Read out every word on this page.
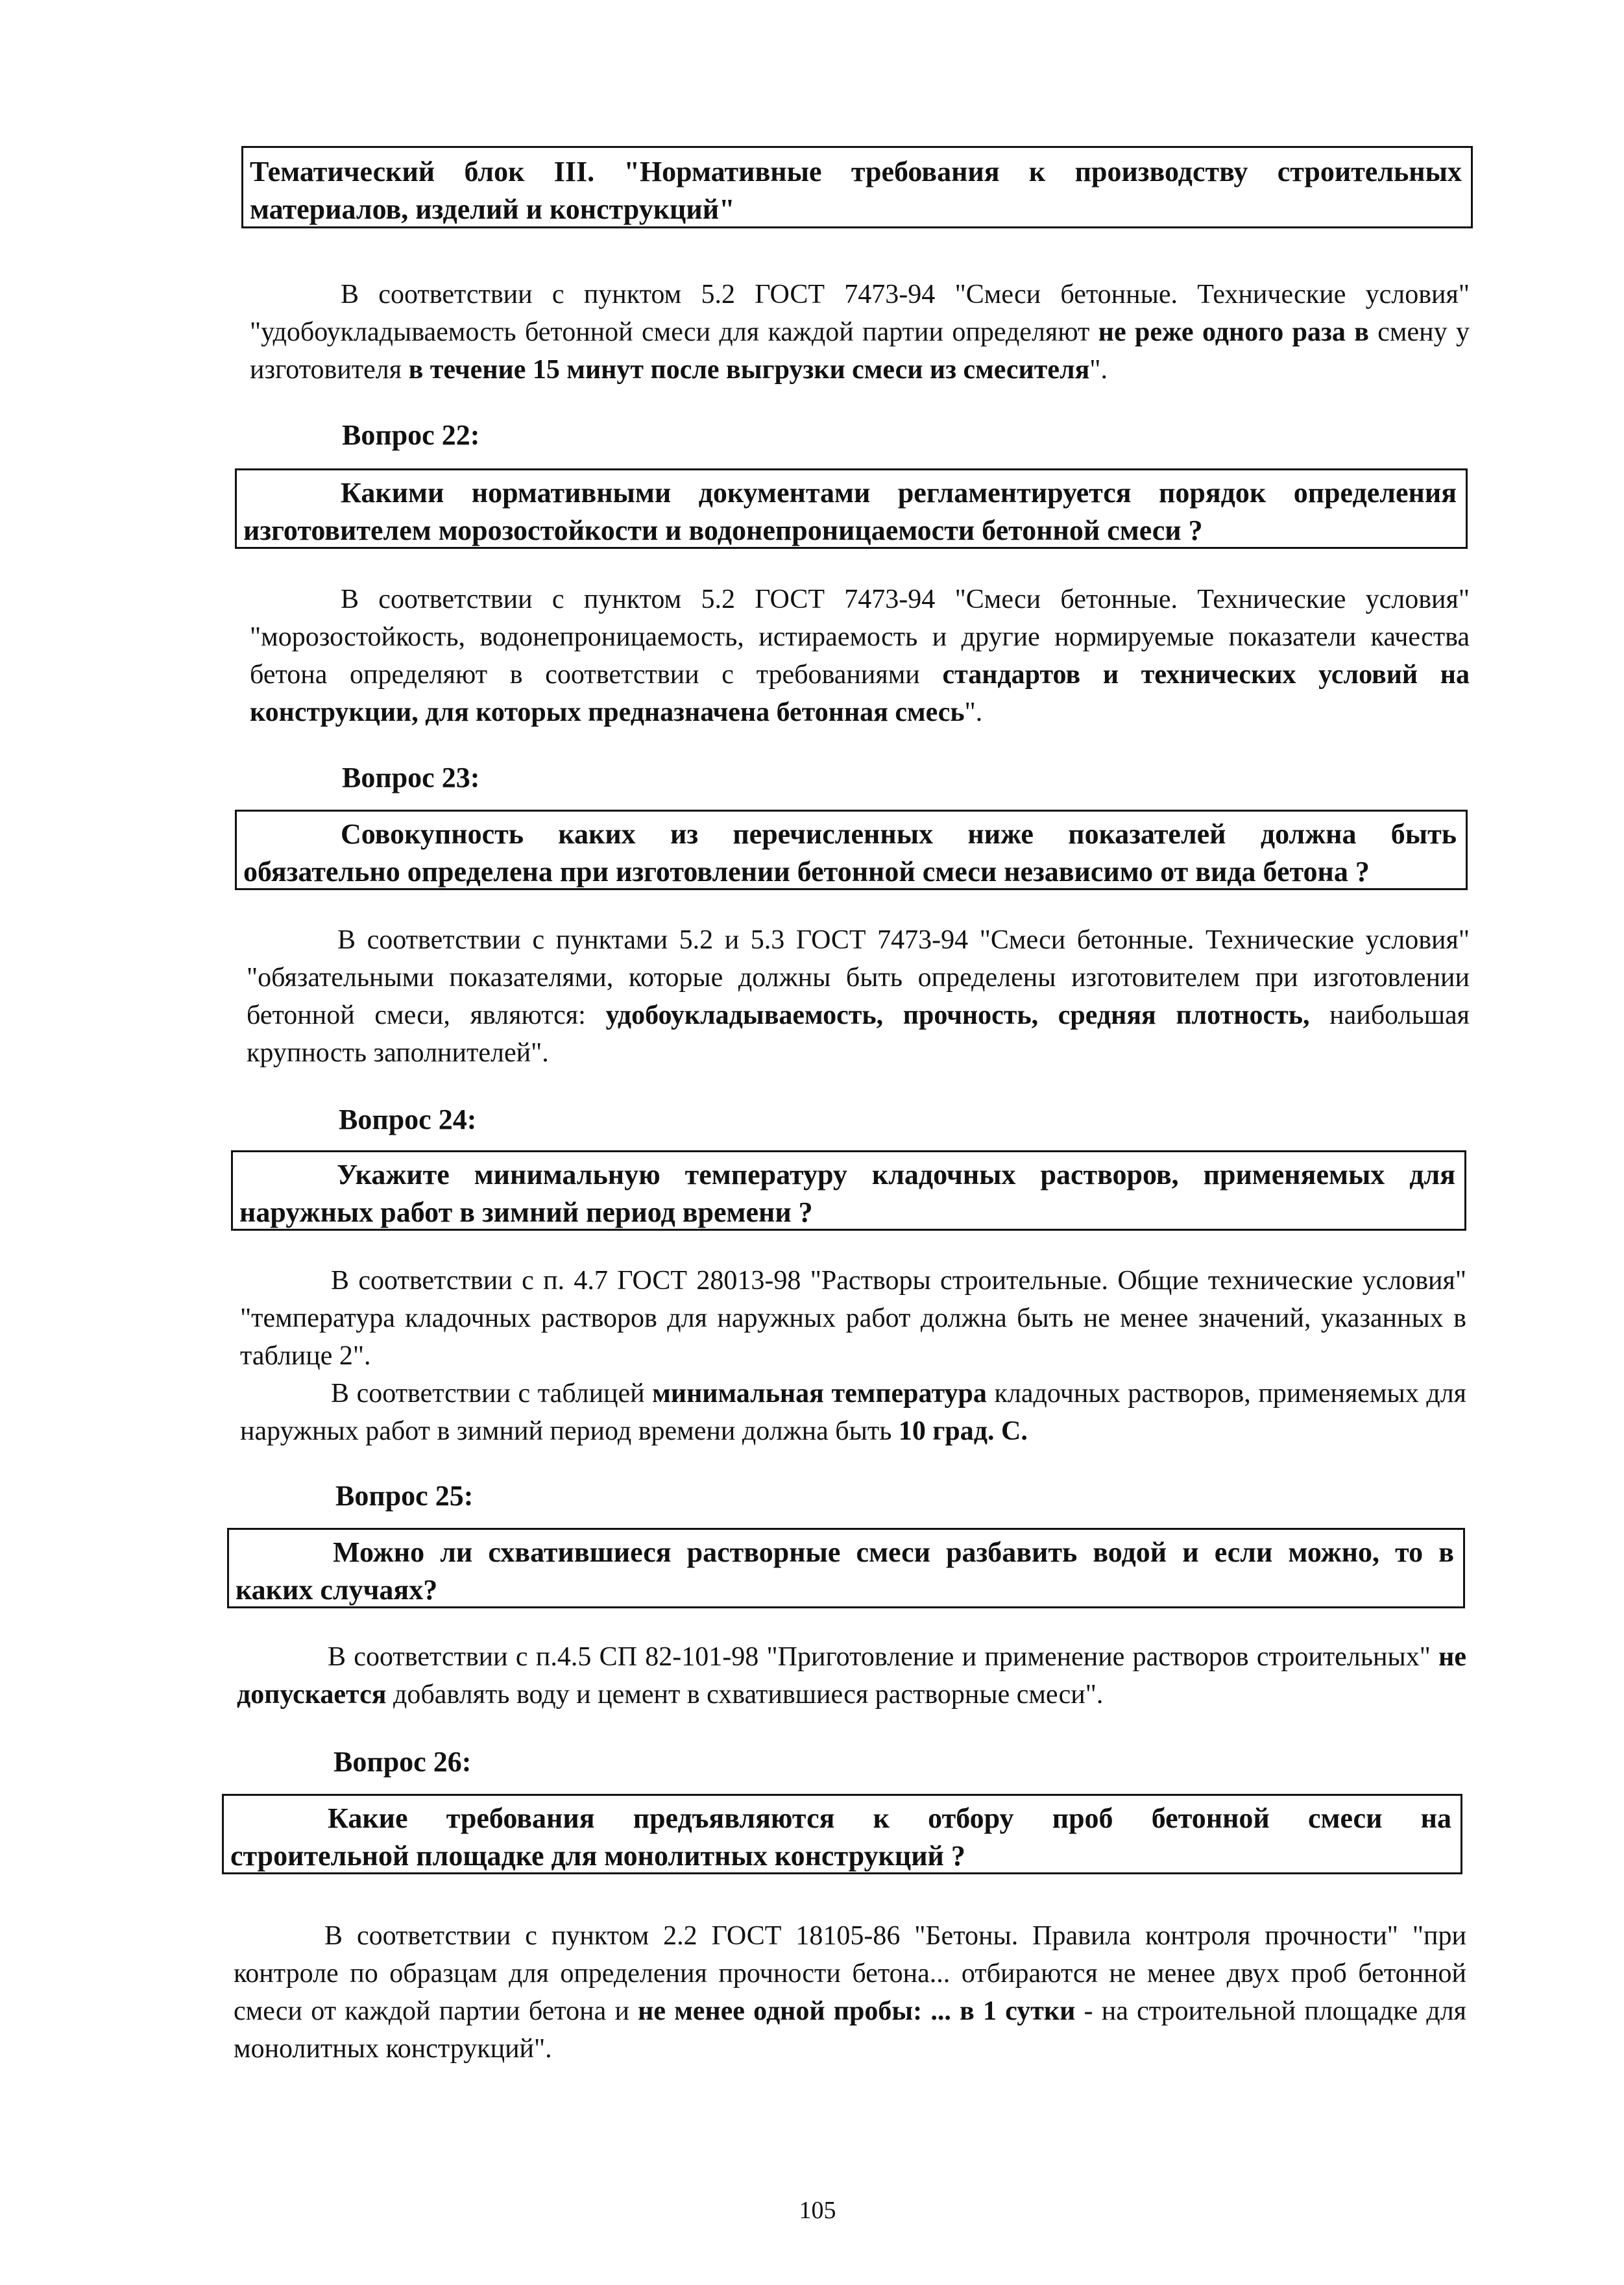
Тематический блок III. "Нормативные требования к производству строительных
материалов, изделий и конструкций"

В соответствии с пунктом 5.2 ГОСТ 7473-94 "Смеси бетонные. Технические условия" "удобоукладываемость бетонной смеси для каждой партии определяют не реже одного раза в смену у изготовителя в течение 15 минут после выгрузки смеси из смесителя".

Вопрос 22:
Какими нормативными документами регламентируется порядок определения
изготовителем морозостойкости и водонепроницаемости бетонной смеси ?

В соответствии с пунктом 5.2 ГОСТ 7473-94 "Смеси бетонные. Технические условия" "морозостойкость, водонепроницаемость, истираемость и другие нормируемые показатели качества бетона определяют в соответствии с требованиями стандартов и технических условий на конструкции, для которых предназначена бетонная смесь".

Вопрос 23:
Совокупность каких из перечисленных ниже показателей должна быть
обязательно определена при изготовлении бетонной смеси независимо от вида бетона ?

В соответствии с пунктами 5.2 и 5.3 ГОСТ 7473-94 "Смеси бетонные. Технические условия" "обязательными показателями, которые должны быть определены изготовителем при изготовлении бетонной смеси, являются: удобоукладываемость, прочность, средняя плотность, наибольшая крупность заполнителей".

Вопрос 24:
Укажите минимальную температуру кладочных растворов, применяемых для
наружных работ в зимний период времени ?

В соответствии с п. 4.7 ГОСТ 28013-98 "Растворы строительные. Общие технические условия" "температура кладочных растворов для наружных работ должна быть не менее значений, указанных в таблице 2".

В соответствии с таблицей минимальная температура кладочных растворов, применяемых для наружных работ в зимний период времени должна быть 10 град. С.

Вопрос 25:
Можно ли схватившиеся растворные смеси разбавить водой и если можно, то в
каких случаях?

В соответствии с п.4.5 СП 82-101-98 "Приготовление и применение растворов строительных" не допускается добавлять воду и цемент в схватившиеся растворные смеси".

Вопрос 26:
Какие требования предъявляются к отбору проб бетонной смеси на
строительной площадке для монолитных конструкций ?

В соответствии с пунктом 2.2 ГОСТ 18105-86 "Бетоны. Правила контроля прочности" "при контроле по образцам для определения прочности бетона... отбираются не менее двух проб бетонной смеси от каждой партии бетона и не менее одной пробы: ... в 1 сутки - на строительной площадке для монолитных конструкций".

105
